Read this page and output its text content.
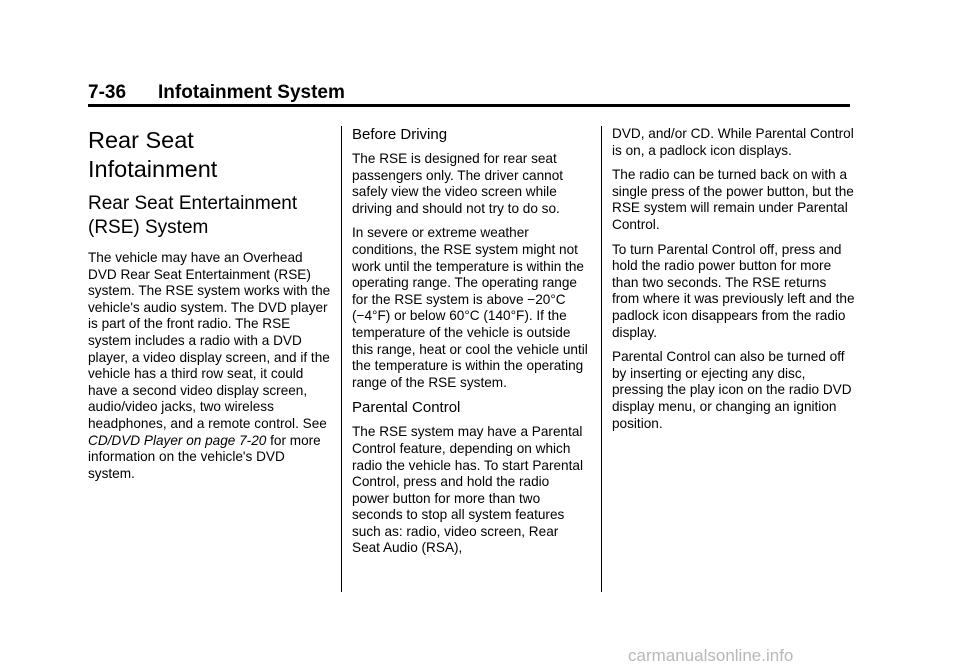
7-36 Infotainment System
Rear Seat
Infotainment
Rear Seat Entertainment
(RSE) System

The vehicle may have an Overhead DVD Rear Seat Entertainment (RSE) system. The RSE system works with the vehicle's audio system. The DVD player is part of the front radio. The RSE system includes a radio with a DVD player, a video display screen, and if the vehicle has a third row seat, it could have a second video display screen, audio/video jacks, two wireless headphones, and a remote control. See CD/DVD Player on page 7-20 for more information on the vehicle's DVD system.

Before Driving

The RSE is designed for rear seat passengers only. The driver cannot safely view the video screen while driving and should not try to do so.

In severe or extreme weather conditions, the RSE system might not work until the temperature is within the operating range. The operating range for the RSE system is above −20°C (−4°F) or below 60°C (140°F). If the temperature of the vehicle is outside this range, heat or cool the vehicle until the temperature is within the operating range of the RSE system.

Parental Control

The RSE system may have a Parental Control feature, depending on which radio the vehicle has. To start Parental Control, press and hold the radio power button for more than two seconds to stop all system features such as: radio, video screen, Rear Seat Audio (RSA),

DVD, and/or CD. While Parental Control is on, a padlock icon displays.

The radio can be turned back on with a single press of the power button, but the RSE system will remain under Parental Control.

To turn Parental Control off, press and hold the radio power button for more than two seconds. The RSE returns from where it was previously left and the padlock icon disappears from the radio display.

Parental Control can also be turned off by inserting or ejecting any disc, pressing the play icon on the radio DVD display menu, or changing an ignition position.

carmanualsonline.info
